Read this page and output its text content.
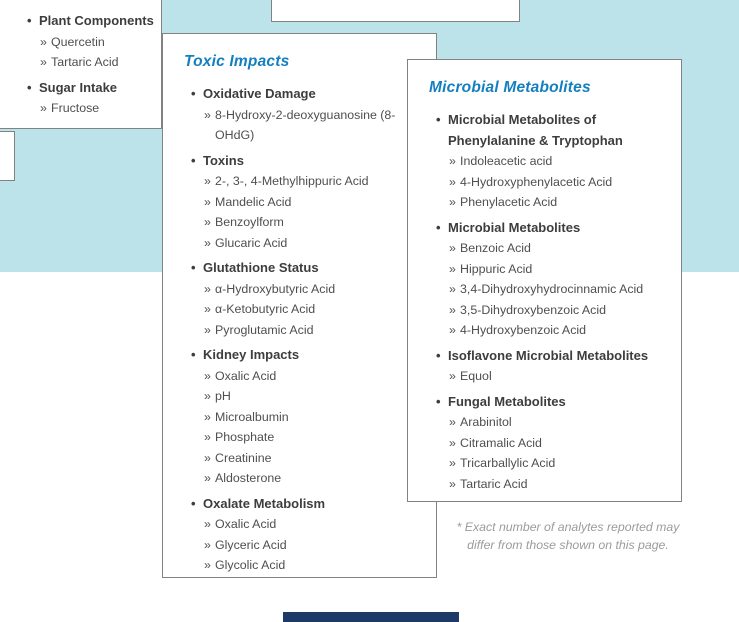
• Plant Components
» Quercetin
» Tartaric Acid
• Sugar Intake
» Fructose
Toxic Impacts
• Oxidative Damage
» 8-Hydroxy-2-deoxyguanosine (8-OHdG)
• Toxins
» 2-, 3-, 4-Methylhippuric Acid
» Mandelic Acid
» Benzoylform
» Glucaric Acid
• Glutathione Status
» α-Hydroxybutyric Acid
» α-Ketobutyric Acid
» Pyroglutamic Acid
• Kidney Impacts
» Oxalic Acid
» pH
» Microalbumin
» Phosphate
» Creatinine
» Aldosterone
• Oxalate Metabolism
» Oxalic Acid
» Glyceric Acid
» Glycolic Acid
Microbial Metabolites
• Microbial Metabolites of Phenylalanine & Tryptophan
» Indoleacetic acid
» 4-Hydroxyphenylacetic Acid
» Phenylacetic Acid
• Microbial Metabolites
» Benzoic Acid
» Hippuric Acid
» 3,4-Dihydroxyhydrocinnamic Acid
» 3,5-Dihydroxybenzoic Acid
» 4-Hydroxybenzoic Acid
• Isoflavone Microbial Metabolites
» Equol
• Fungal Metabolites
» Arabinitol
» Citramalic Acid
» Tricarballylic Acid
» Tartaric Acid
* Exact number of analytes reported may
differ from those shown on this page.
